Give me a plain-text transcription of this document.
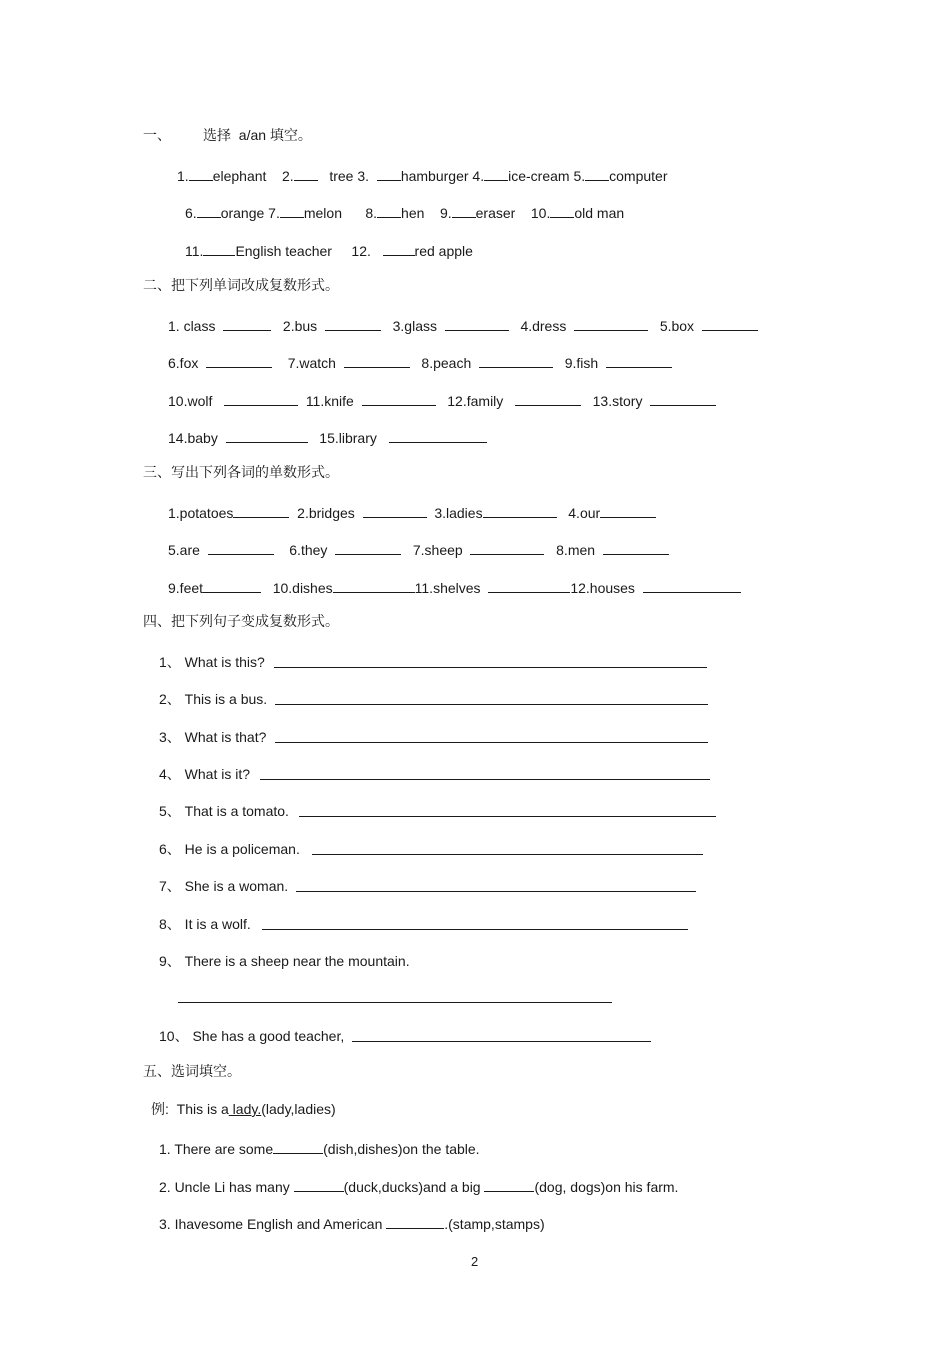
一、 选择  a/an 填空。
1. elephant 2.	tree 3. hamburger 4. ice-cream 5. computer
6. orange 7. melon 8. hen 9. eraser 10. old man
11. English teacher 12.	red apple
二、把下列单词改成复数形式。
1. class	2.bus	3.glass	4.dress	5.box
6.fox	7.watch	8.peach	9.fish
10.wolf	11.knife	12.family	13.story
14.baby	15.library
三、写出下列各词的单数形式。
1.potatoes	2.bridges	3.ladies	4.our
5.are	6.they	7.sheep	8.men
9.feet	10.dishes	11.shelves	12.houses
四、把下列句子变成复数形式。
1、 What is this?
2、 This is a bus.
3、 What is that?
4、 What is it?
5、 That is a tomato.
6、 He is a policeman.
7、 She is a woman.
8、 It is a wolf.
9、 There is a sheep near the mountain.
10、 She has a good teacher,
五、选词填空。
例:  This is a lady.(lady,ladies)
1. There are some	(dish,dishes)on the table.
2. Uncle Li has many	(duck,ducks)and a big	(dog, dogs)on his farm.
3. Ihavesome English and American	.(stamp,stamps)
2
